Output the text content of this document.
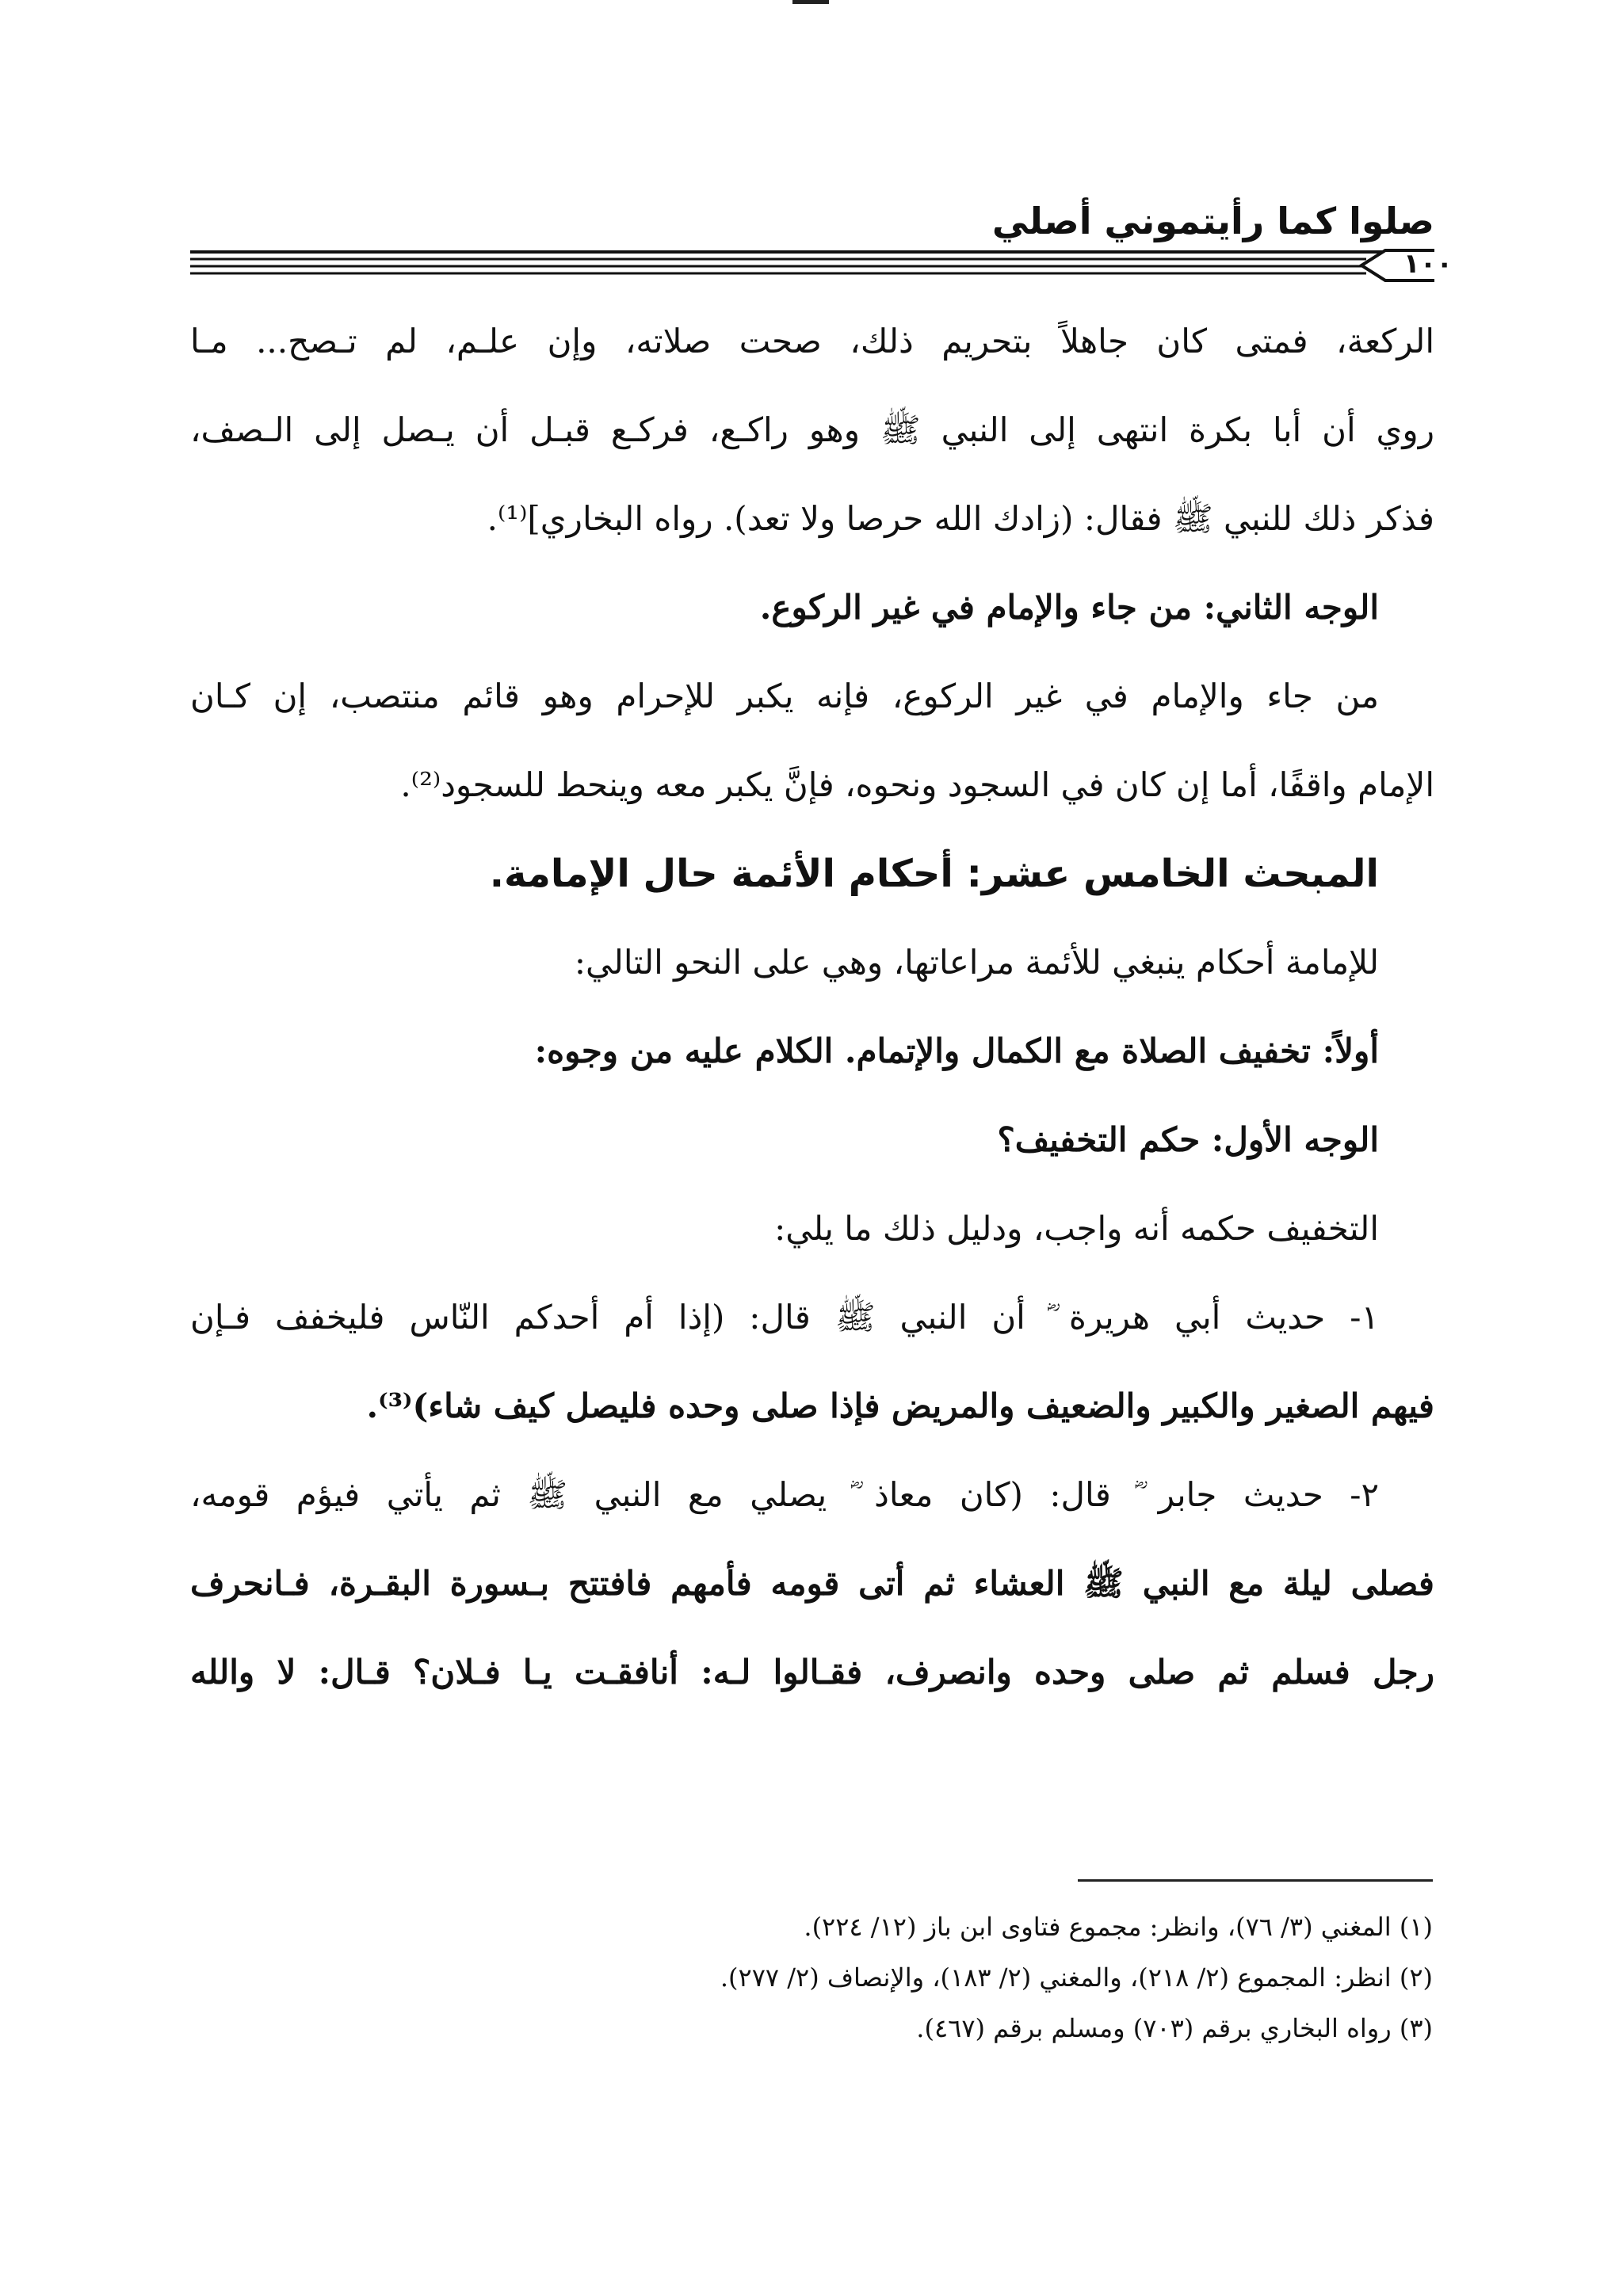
صلوا كما رأيتموني أصلي
١٠٠
الركعة، فمتى كان جاهلاً بتحريم ذلك، صحت صلاته، وإن علـم، لم تـصح... مـا
روي أن أبا بكرة انتهى إلى النبي ﷺ وهو راكـع، فركـع قبـل أن يـصل إلى الـصف،
فذكر ذلك للنبي ﷺ فقال: (زادك الله حرصا ولا تعد). رواه البخاري]⁽¹⁾.
الوجه الثاني: من جاء والإمام في غير الركوع.
من جاء والإمام في غير الركوع، فإنه يكبر للإحرام وهو قائم منتصب، إن كـان
الإمام واقفًا، أما إن كان في السجود ونحوه، فإنَّ يكبر معه وينحط للسجود⁽²⁾.
المبحث الخامس عشر: أحكام الأئمة حال الإمامة.
للإمامة أحكام ينبغي للأئمة مراعاتها، وهي على النحو التالي:
أولاً: تخفيف الصلاة مع الكمال والإتمام. الكلام عليه من وجوه:
الوجه الأول: حكم التخفيف؟
التخفيف حكمه أنه واجب، ودليل ذلك ما يلي:
١- حديث أبي هريرة ؓ أن النبي ﷺ قال: (إذا أم أحدكم النّاس فليخفف فـإن
فيهم الصغير والكبير والضعيف والمريض فإذا صلى وحده فليصل كيف شاء)⁽³⁾.
٢- حديث جابر ؓ قال: (كان معاذ ؓ يصلي مع النبي ﷺ ثم يأتي فيؤم قومه،
فصلى ليلة مع النبي ﷺ العشاء ثم أتى قومه فأمهم فافتتح بـسورة البقـرة، فـانحرف
رجل فسلم ثم صلى وحده وانصرف، فقـالوا لـه: أنافقـت يـا فـلان؟ قـال: لا والله
(١) المغني (٣/ ٧٦)، وانظر: مجموع فتاوى ابن باز (١٢/ ٢٢٤).
(٢) انظر: المجموع (٢/ ٢١٨)، والمغني (٢/ ١٨٣)، والإنصاف (٢/ ٢٧٧).
(٣) رواه البخاري برقم (٧٠٣) ومسلم برقم (٤٦٧).
